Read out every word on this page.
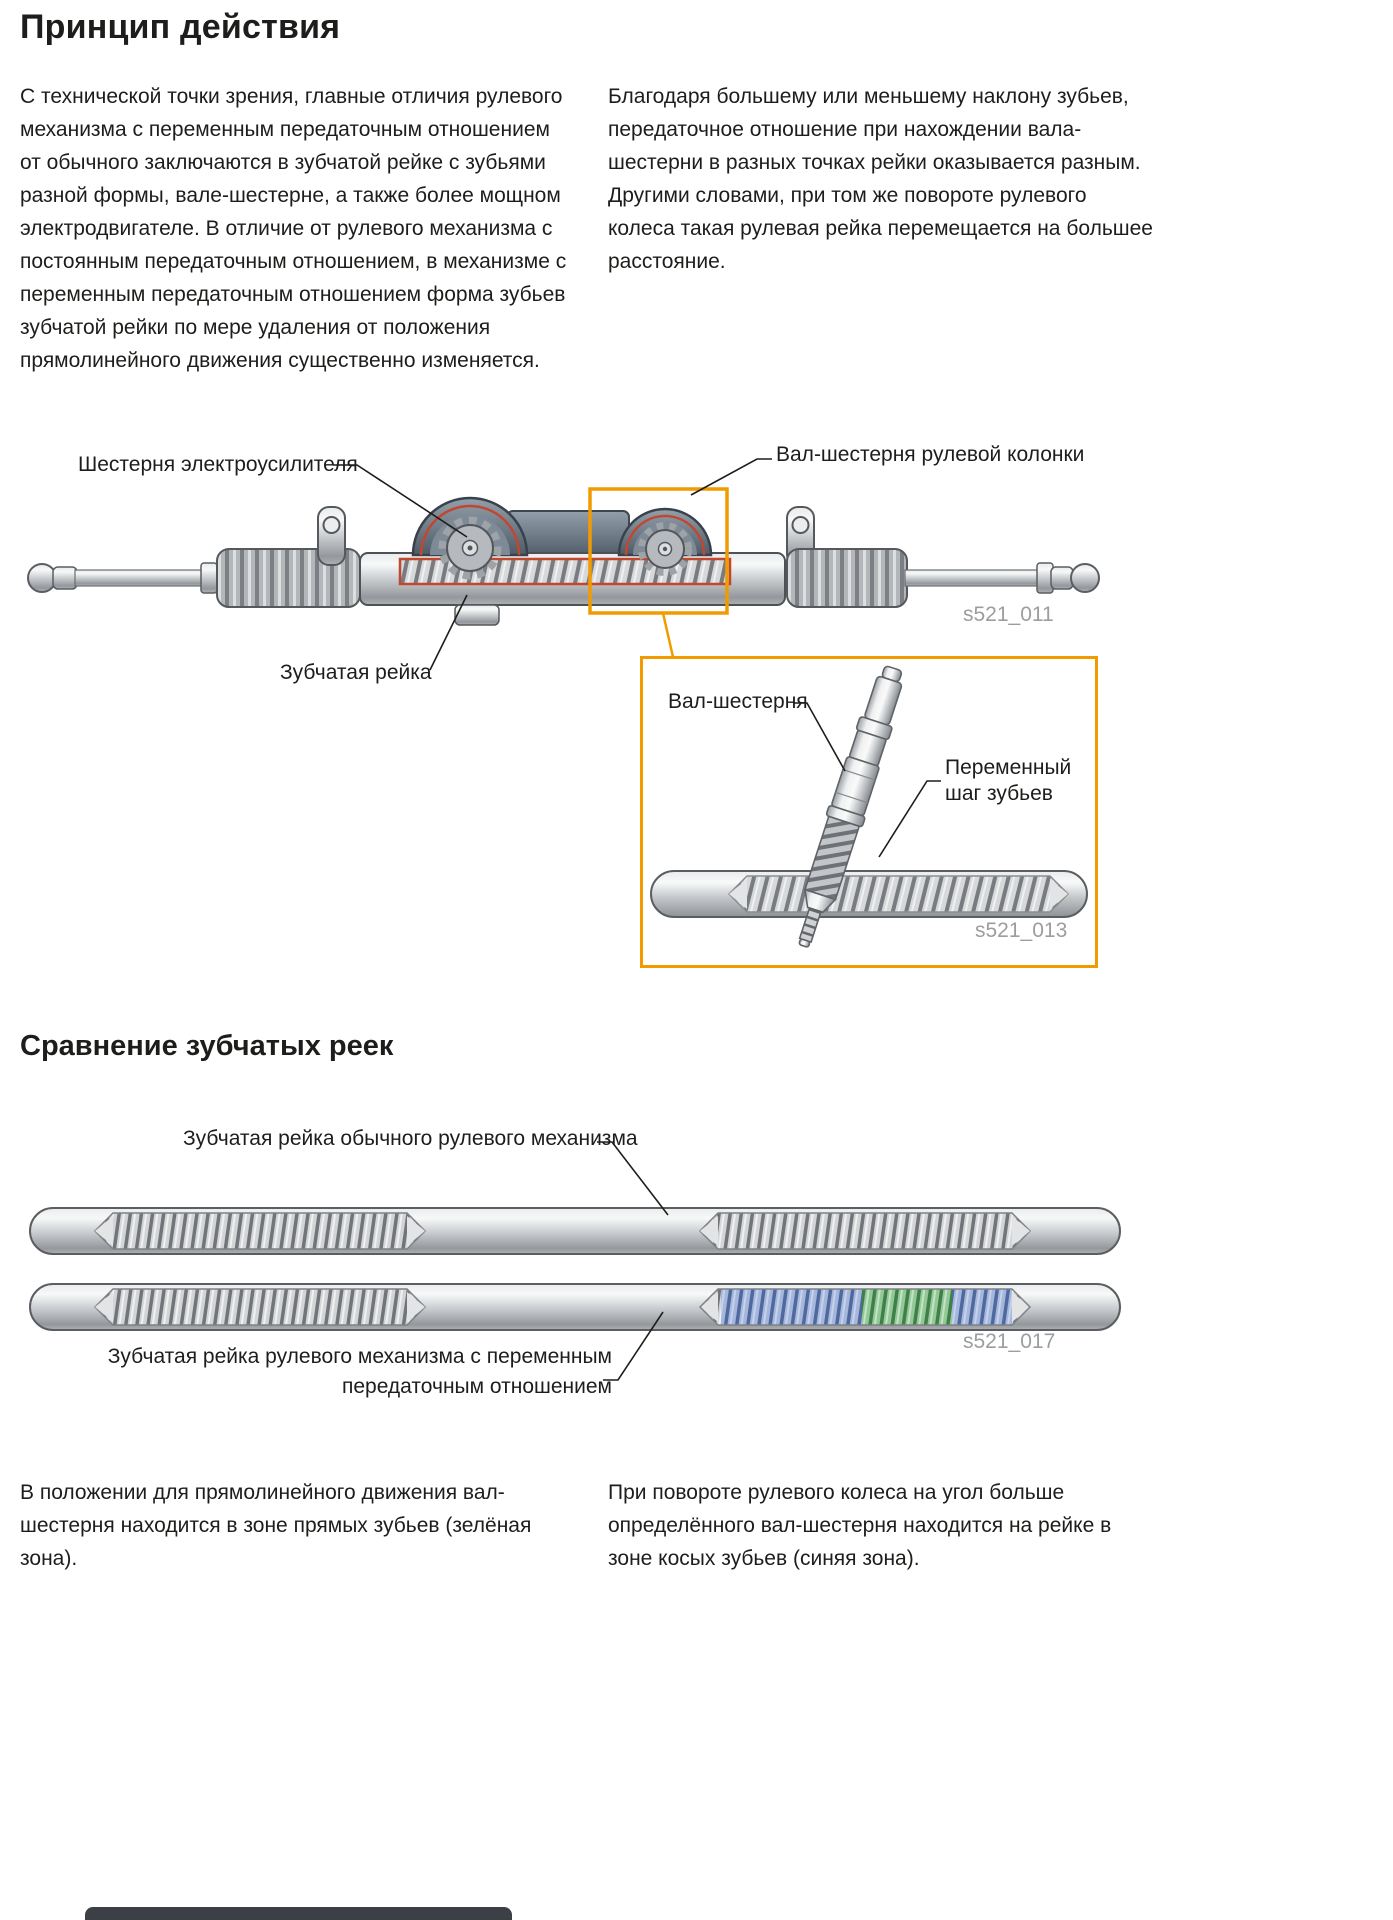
Принцип действия

С технической точки зрения, главные отличия рулевого механизма с переменным передаточным отношением от обычного заключаются в зубчатой рейке с зубьями разной формы, вале-шестерне, а также более мощном электродвигателе. В отличие от рулевого механизма с постоянным передаточным отношением, в механизме с переменным передаточным отношением форма зубьев зубчатой рейки по мере удаления от положения прямолинейного движения существенно изменяется.

Благодаря большему или меньшему наклону зубьев, передаточное отношение при нахождении вала-шестерни в разных точках рейки оказывается разным.

Другими словами, при том же повороте рулевого колеса такая рулевая рейка перемещается на большее расстояние.

Шестерня электроусилителя	Вал-шестерня рулевой колонки
Зубчатая рейка
s521_011
Вал-шестерня
Переменный
шаг зубьев
s521_013
Сравнение зубчатых реек
Зубчатая рейка обычного рулевого механизма
s521_017
Зубчатая рейка рулевого механизма с переменным
передаточным отношением

В положении для прямолинейного движения вал-шестерня находится в зоне прямых зубьев (зелёная зона).

При повороте рулевого колеса на угол больше определённого вал-шестерня находится на рейке в зоне косых зубьев (синяя зона).
